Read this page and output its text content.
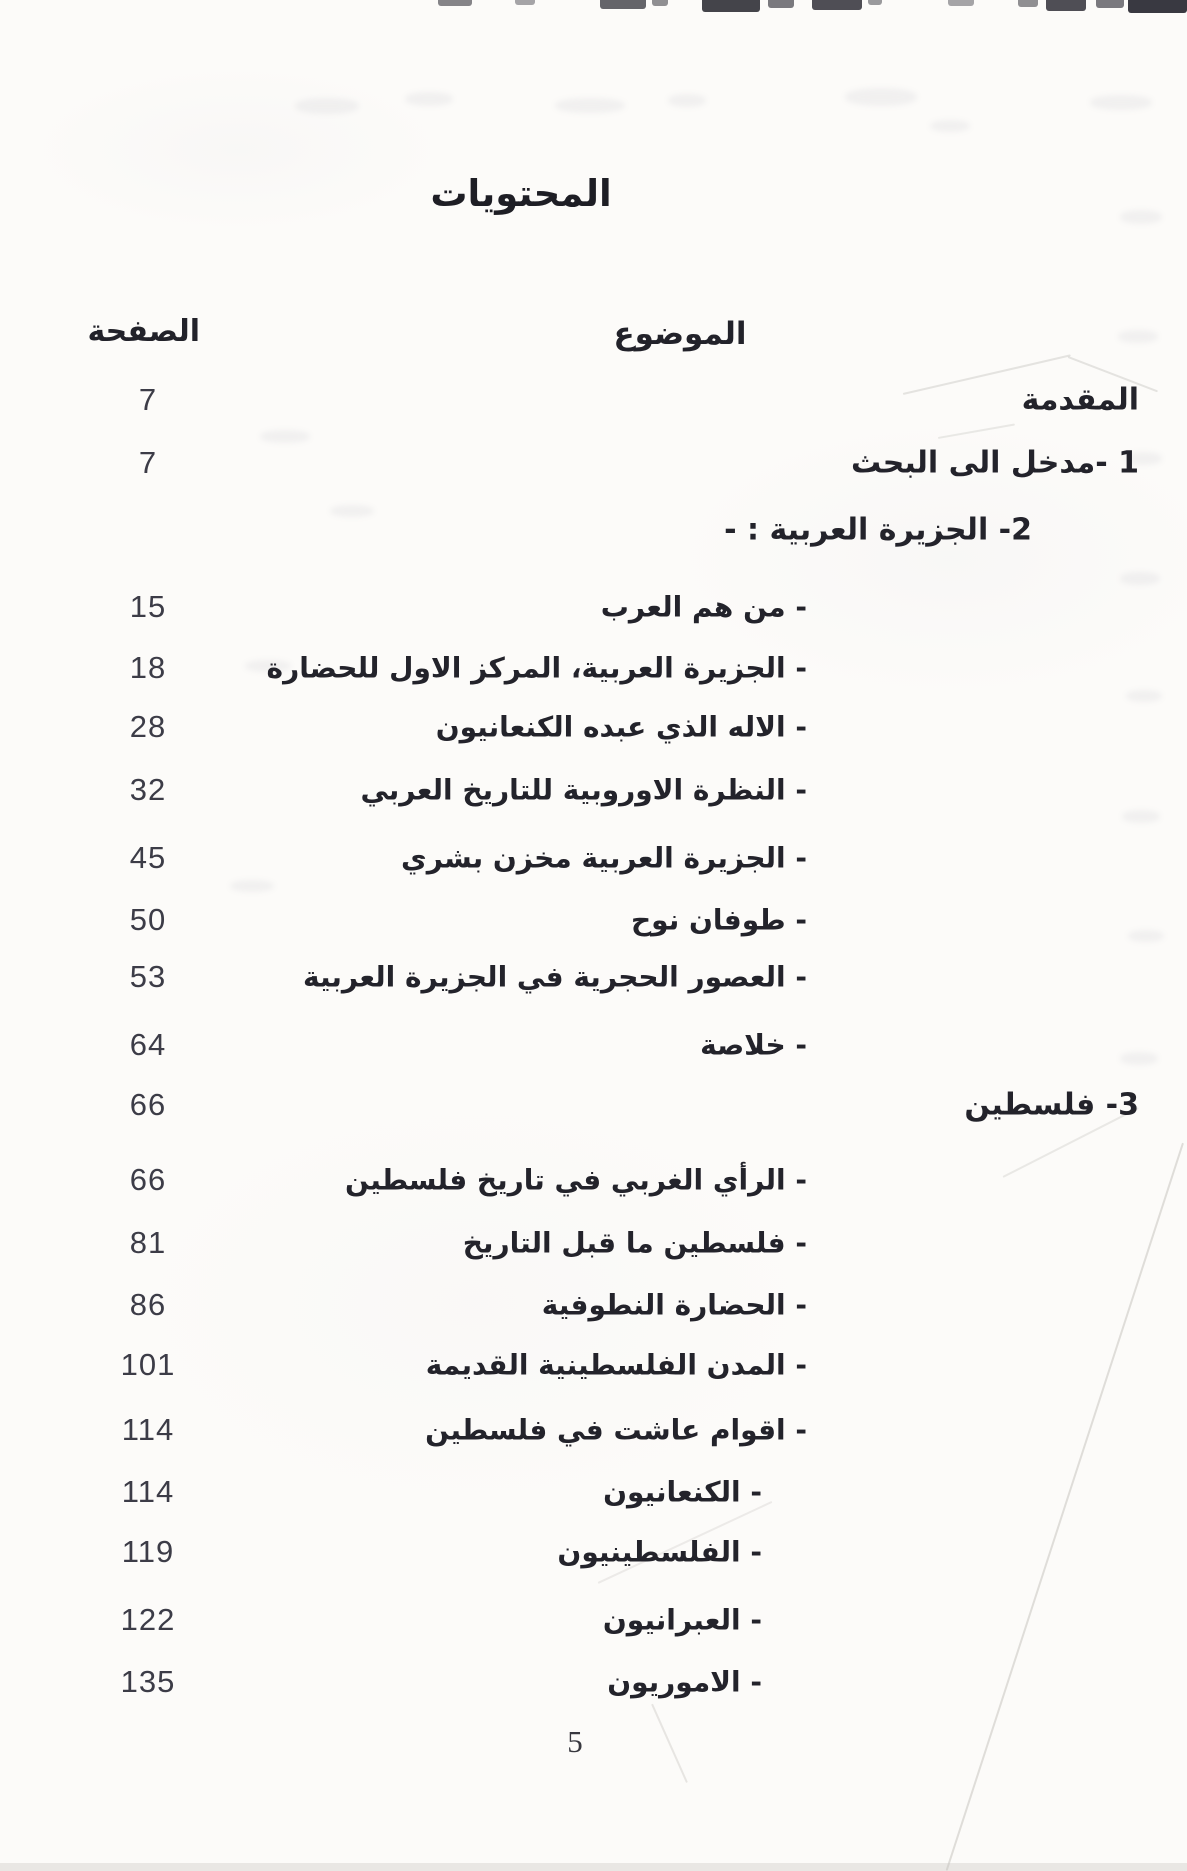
المحتويات
الموضوع
الصفحة
7	المقدمة
7	1 -مدخل الى البحث
2- الجزيرة العربية : -
15	- من هم العرب
18	- الجزيرة العربية، المركز الاول للحضارة
28	- الاله الذي عبده الكنعانيون
32	- النظرة الاوروبية للتاريخ العربي
45	- الجزيرة العربية مخزن بشري
50	- طوفان نوح
53	- العصور الحجرية في الجزيرة العربية
64	- خلاصة
66	3- فلسطين
66	- الرأي الغربي في تاريخ فلسطين
81	- فلسطين ما قبل التاريخ
86	- الحضارة النطوفية
101	- المدن الفلسطينية القديمة
114	- اقوام عاشت في فلسطين
114	- الكنعانيون
119	- الفلسطينيون
122	- العبرانيون
135	- الاموريون
5
